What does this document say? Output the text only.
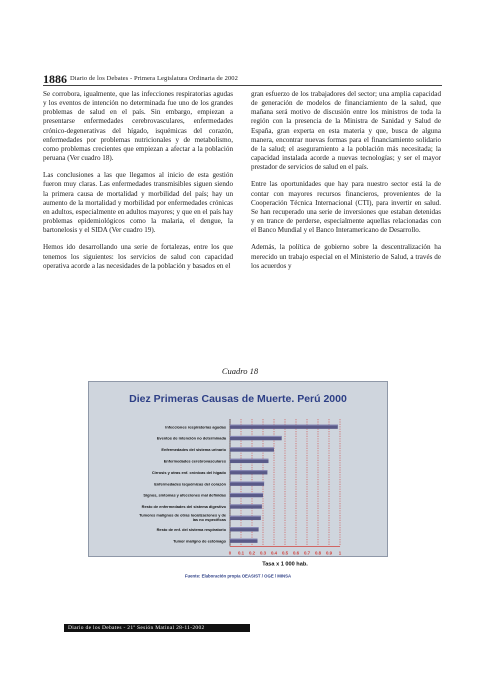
1886 Diario de los Debates - Primera Legislatura Ordinaria de 2002

Se corrobora, igualmente, que las infecciones respiratorias agudas y los eventos de intención no determinada fue uno de los grandes problemas de salud en el país. Sin embargo, empiezan a presentarse enfermedades cerebrovasculares, enfermedades crónico-degenerativas del hígado, isquémicas del corazón, enfermedades por problemas nutricionales y de metabolismo, como problemas crecientes que empiezan a afectar a la población peruana (Ver cuadro 18).

Las conclusiones a las que llegamos al inicio de esta gestión fueron muy claras. Las enfermedades transmisibles siguen siendo la primera causa de mortalidad y morbilidad del país; hay un aumento de la mortalidad y morbilidad por enfermedades crónicas en adultos, especialmente en adultos mayores; y que en el país hay problemas epidemiológicos como la malaria, el dengue, la bartonelosis y el SIDA (Ver cuadro 19).

Hemos ido desarrollando una serie de fortalezas, entre los que tenemos los siguientes: los servicios de salud con capacidad operativa acorde a las necesidades de la población y basados en el

gran esfuerzo de los trabajadores del sector; una amplia capacidad de generación de modelos de financiamiento de la salud, que mañana será motivo de discusión entre los ministros de toda la región con la presencia de la Ministra de Sanidad y Salud de España, gran experta en esta materia y que, busca de alguna manera, encontrar nuevas formas para el financiamiento solidario de la salud; el aseguramiento a la población más necesitada; la capacidad instalada acorde a nuevas tecnologías; y ser el mayor prestador de servicios de salud en el país.

Entre las oportunidades que hay para nuestro sector está la de contar con mayores recursos financieros, provenientes de la Cooperación Técnica Internacional (CTI), para invertir en salud. Se han recuperado una serie de inversiones que estaban detenidas y en trance de perderse, especialmente aquellas relacionadas con el Banco Mundial y el Banco Interamericano de Desarrollo.

Además, la política de gobierno sobre la descentralización ha merecido un trabajo especial en el Ministerio de Salud, a través de los acuerdos y

Cuadro 18
Diez Primeras Causas de Muerte. Perú 2000
Infecciones respiratorias agudas
Eventos de intención no determinada
Enfermedades del sistema urinario
Enfermedades cerebrovasculares
Cirrosis y otras enf. crónicas del hígado
Enfermedades isquémicas del corazón
Signos, síntomas y afecciones mal definidas
Resto de enfermedades del sistema digestivo
Tumores malignos de otras localizaciones y de las no específicas
Resto de enf. del sistema respiratorio
Tumor maligno de estómago
0 0.1 0.2 0.3 0.4 0.5 0.6 0.7 0.8 0.9 1
Tasa x 1 000 hab.
Fuente: Elaboración propia OEASIST / OGE / MINSA
Diario de los Debates - 21º Sesión Matinal 28-11-2002
